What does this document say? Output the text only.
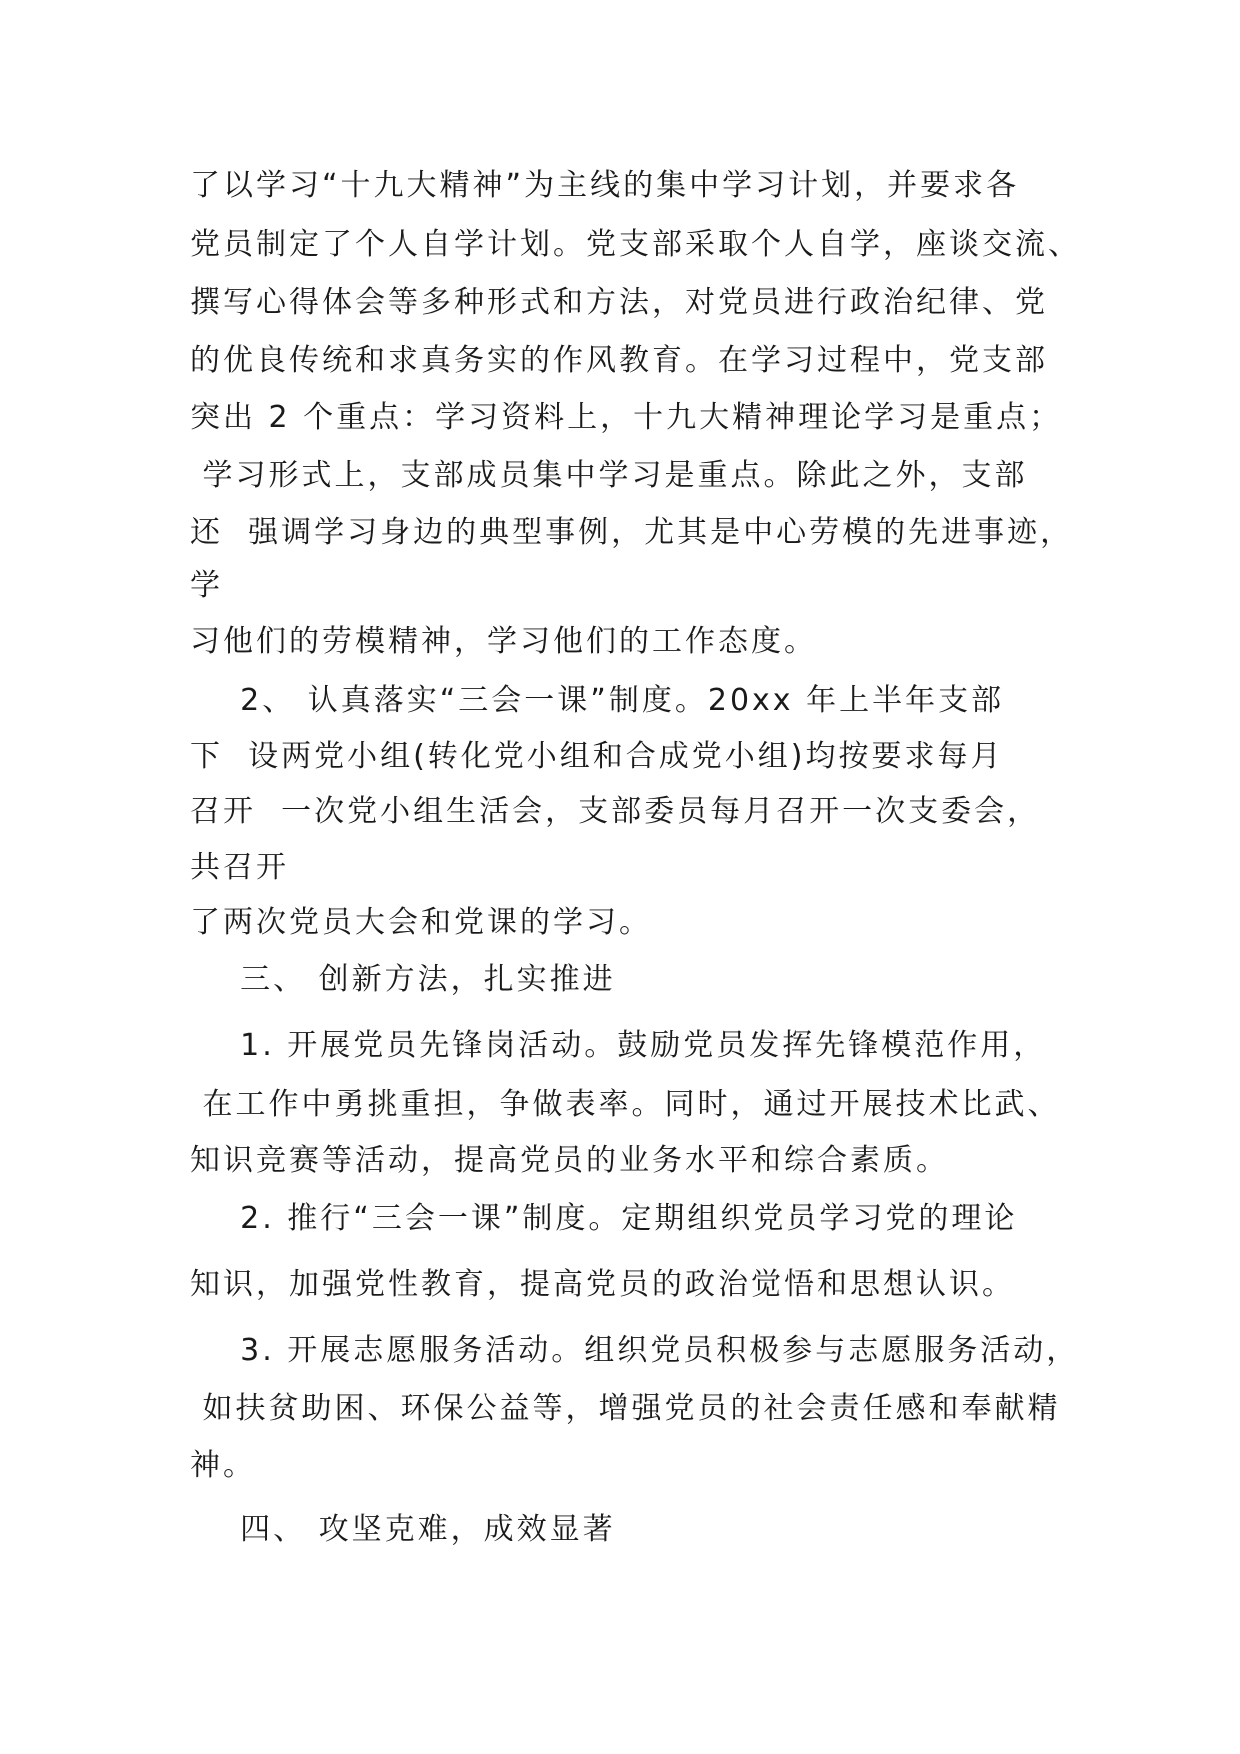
了以学习“十九大精神”为主线的集中学习计划，并要求各
党员制定了个人自学计划。党支部采取个人自学，座谈交流、
撰写心得体会等多种形式和方法，对党员进行政治纪律、党
的优良传统和求真务实的作风教育。在学习过程中，党支部
突出 2 个重点：学习资料上，十九大精神理论学习是重点；
学习形式上，支部成员集中学习是重点。除此之外，支部
还  强调学习身边的典型事例，尤其是中心劳模的先进事迹，
学
习他们的劳模精神，学习他们的工作态度。
2、 认真落实“三会一课”制度。20xx 年上半年支部
下  设两党小组(转化党小组和合成党小组)均按要求每月
召开  一次党小组生活会，支部委员每月召开一次支委会，
共召开
了两次党员大会和党课的学习。
三、 创新方法，扎实推进
1. 开展党员先锋岗活动。鼓励党员发挥先锋模范作用，
在工作中勇挑重担，争做表率。同时，通过开展技术比武、
知识竞赛等活动，提高党员的业务水平和综合素质。
2. 推行“三会一课”制度。定期组织党员学习党的理论
知识，加强党性教育，提高党员的政治觉悟和思想认识。
3. 开展志愿服务活动。组织党员积极参与志愿服务活动，
如扶贫助困、环保公益等，增强党员的社会责任感和奉献精
神。
四、 攻坚克难，成效显著
